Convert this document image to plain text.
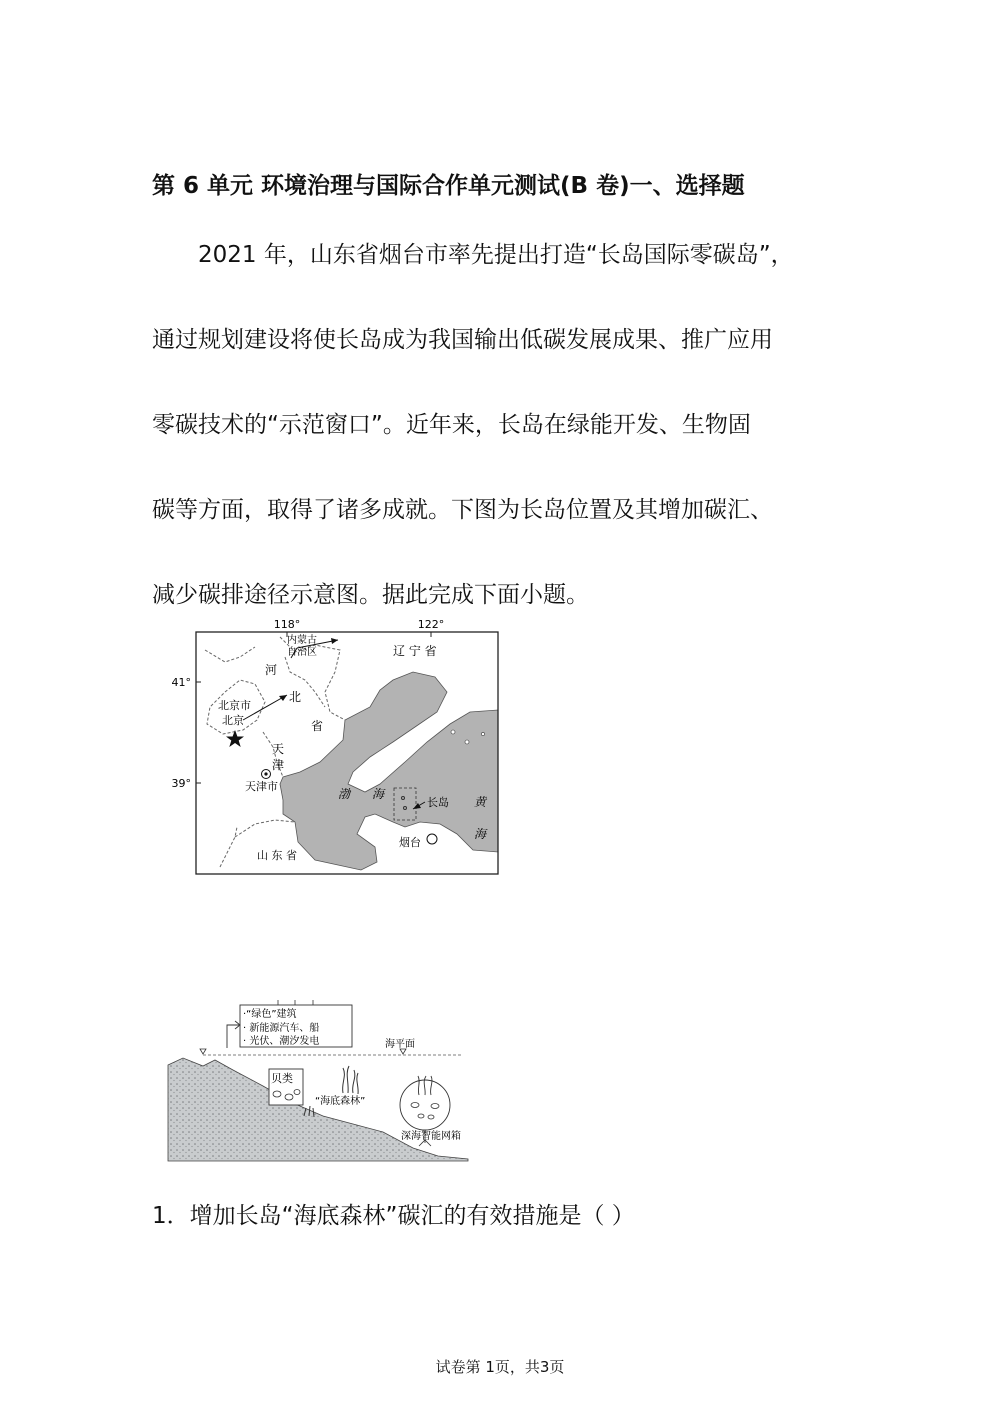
第 6 单元 环境治理与国际合作单元测试(B 卷)一、选择题
2021 年，山东省烟台市率先提出打造“长岛国际零碳岛”，
通过规划建设将使长岛成为我国输出低碳发展成果、推广应用
零碳技术的“示范窗口”。近年来，长岛在绿能开发、生物固
碳等方面，取得了诸多成就。下图为长岛位置及其增加碳汇、
减少碳排途径示意图。据此完成下面小题。
118°	122°
41°
39°
内蒙古
自治区	辽 宁 省
河
北
省
北京市
北京
天
津
天津市
渤 海
长岛 黄
海
烟台
山 东 省
·“绿色”建筑
· 新能源汽车、船
· 光伏、潮汐发电	海平面
贝类
“海底森林”
深海智能网箱
1．增加长岛“海底森林”碳汇的有效措施是（ ）
试卷第 1页，共3页
